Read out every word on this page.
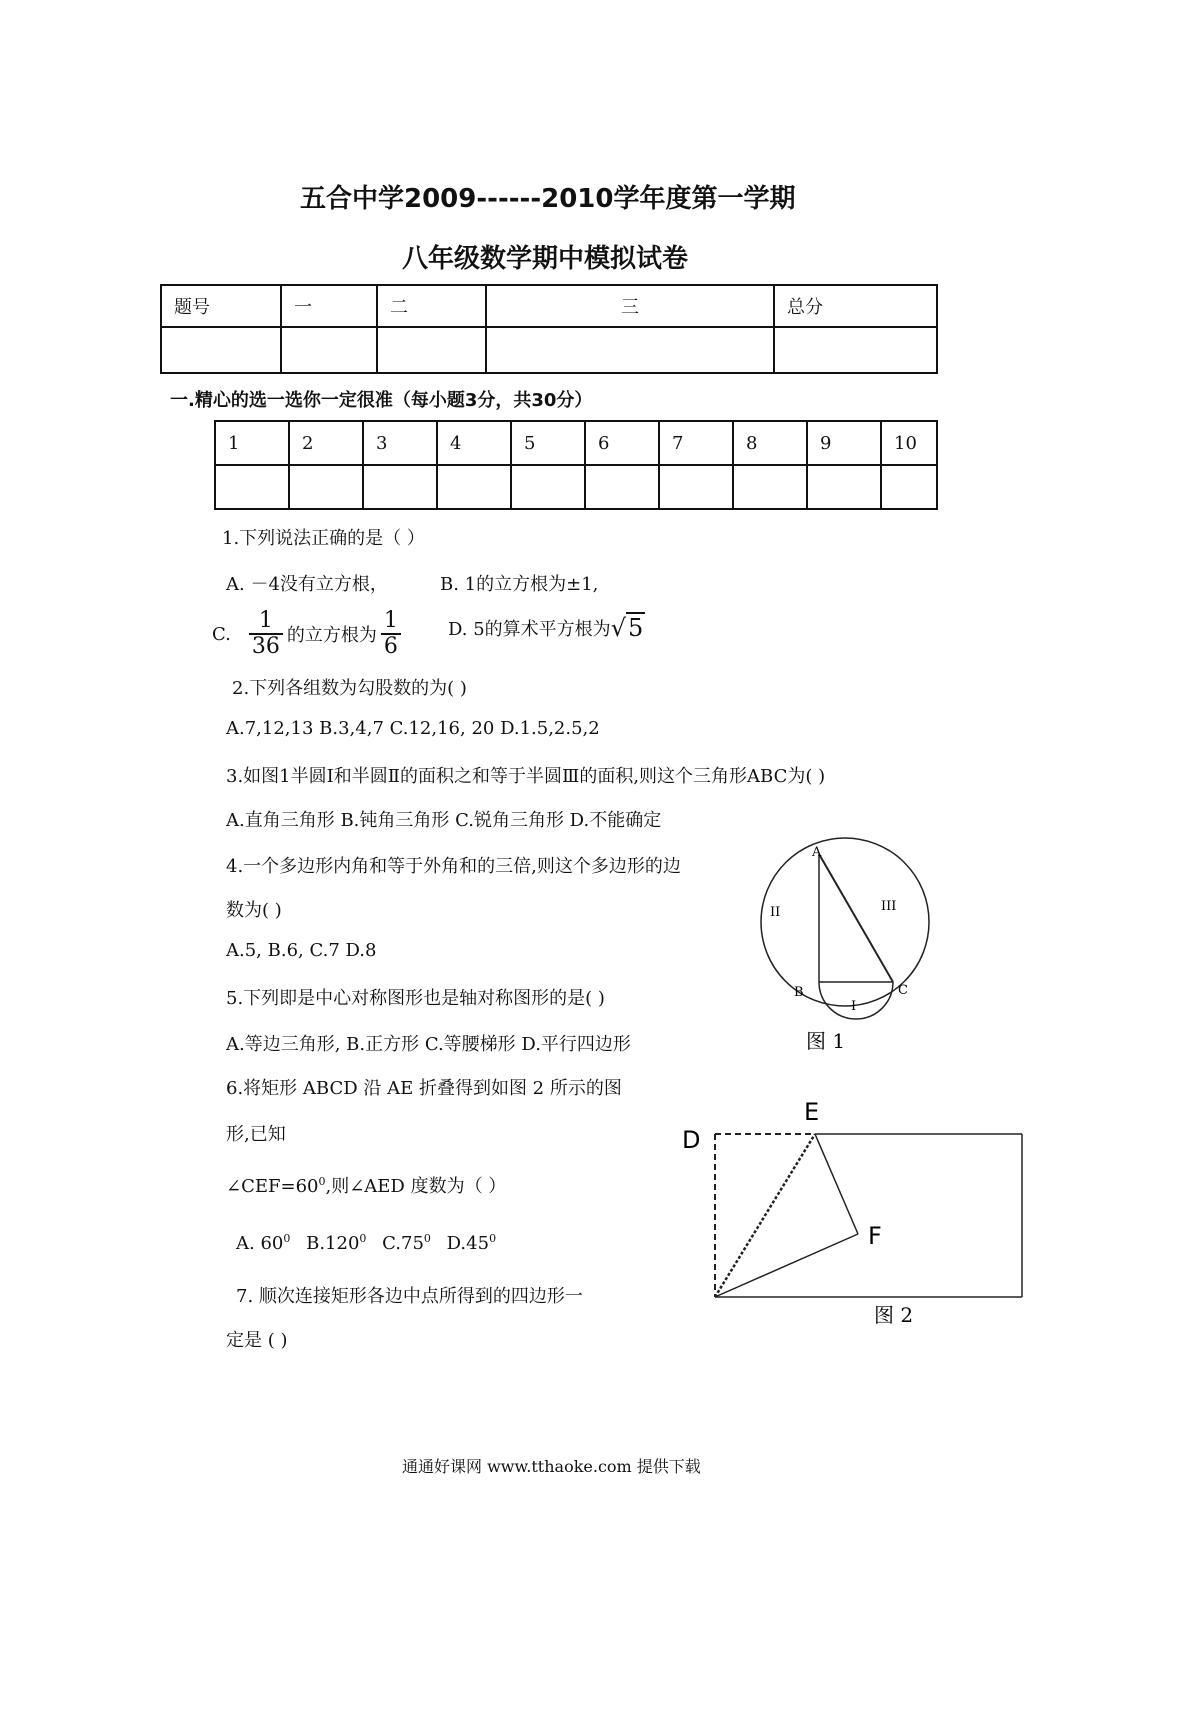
五合中学2009------2010学年度第一学期
八年级数学期中模拟试卷
题号	一	二	三	总分

一.精心的选一选你一定很准（每小题3分，共30分）
1	2	3	4	5	6	7	8	9	10

1.下列说法正确的是（ ）
A. －4没有立方根，	B. 1的立方根为±1,
C. $\frac{1}{36}$ 的立方根为 $\frac{1}{6}$	D. 5的算术平方根为 √5
2.下列各组数为勾股数的为( )
A.7,12,13 B.3,4,7 C.12,16, 20 D.1.5,2.5,2
3.如图1半圆Ⅰ和半圆Ⅱ的面积之和等于半圆Ⅲ的面积,则这个三角形ABC为( )
A.直角三角形 B.钝角三角形 C.锐角三角形 D.不能确定
4.一个多边形内角和等于外角和的三倍,则这个多边形的边
数为( )
A.5, B.6, C.7 D.8
5.下列即是中心对称图形也是轴对称图形的是( )
A.等边三角形, B.正方形 C.等腰梯形 D.平行四边形
6.将矩形 ABCD 沿 AE 折叠得到如图 2 所示的图
形,已知
$\angle CEF=60^0$,则∠AED 度数为（ ）
A. $60^0$ B.120$^0$ $C.75^0$ $D.45^0$
7. 顺次连接矩形各边中点所得到的四边形一
定是 ( )
A
B	C
I
II	III
图 1
D
E
F
图 2
通通好课网 www.tthaoke.com 提供下载
